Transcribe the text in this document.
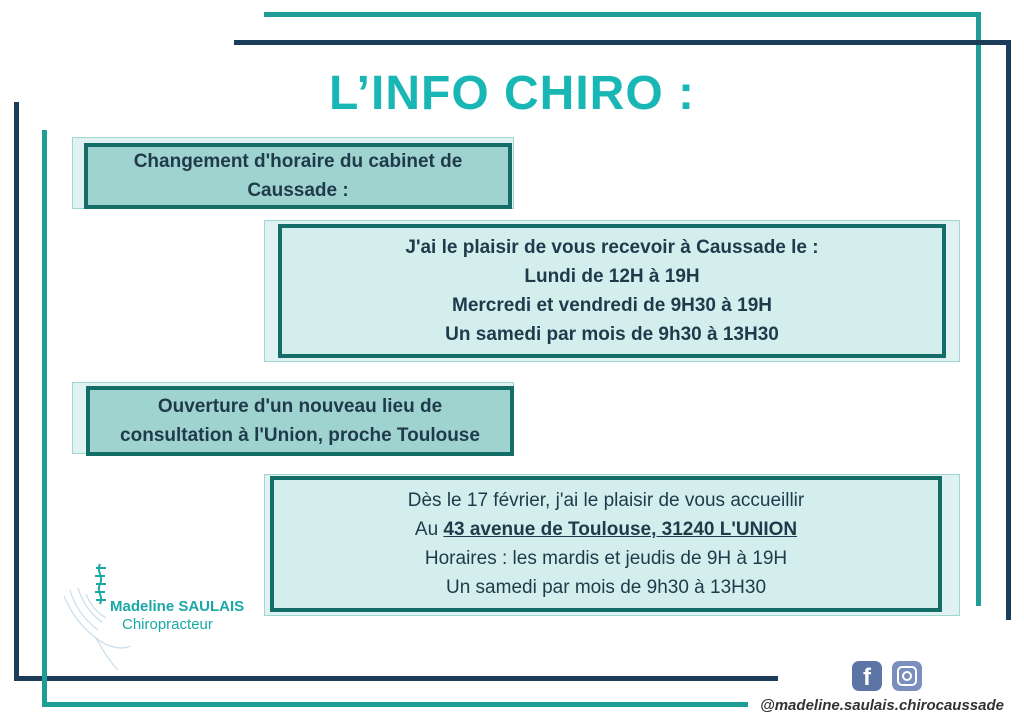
L’INFO CHIRO :
Changement d'horaire du cabinet de
Caussade :
J'ai le plaisir de vous recevoir à Caussade le :
Lundi de 12H à 19H
Mercredi et vendredi de 9H30 à 19H
Un samedi par mois de 9h30 à 13H30
Ouverture d'un nouveau lieu de
consultation à l'Union, proche Toulouse
Dès le 17 février, j'ai le plaisir de vous accueillir
Au 43 avenue de Toulouse, 31240 L'UNION
Horaires : les mardis et jeudis de 9H à 19H
Un samedi par mois de 9h30 à 13H30
Madeline SAULAIS
Chiropracteur
f
@madeline.saulais.chirocaussade
